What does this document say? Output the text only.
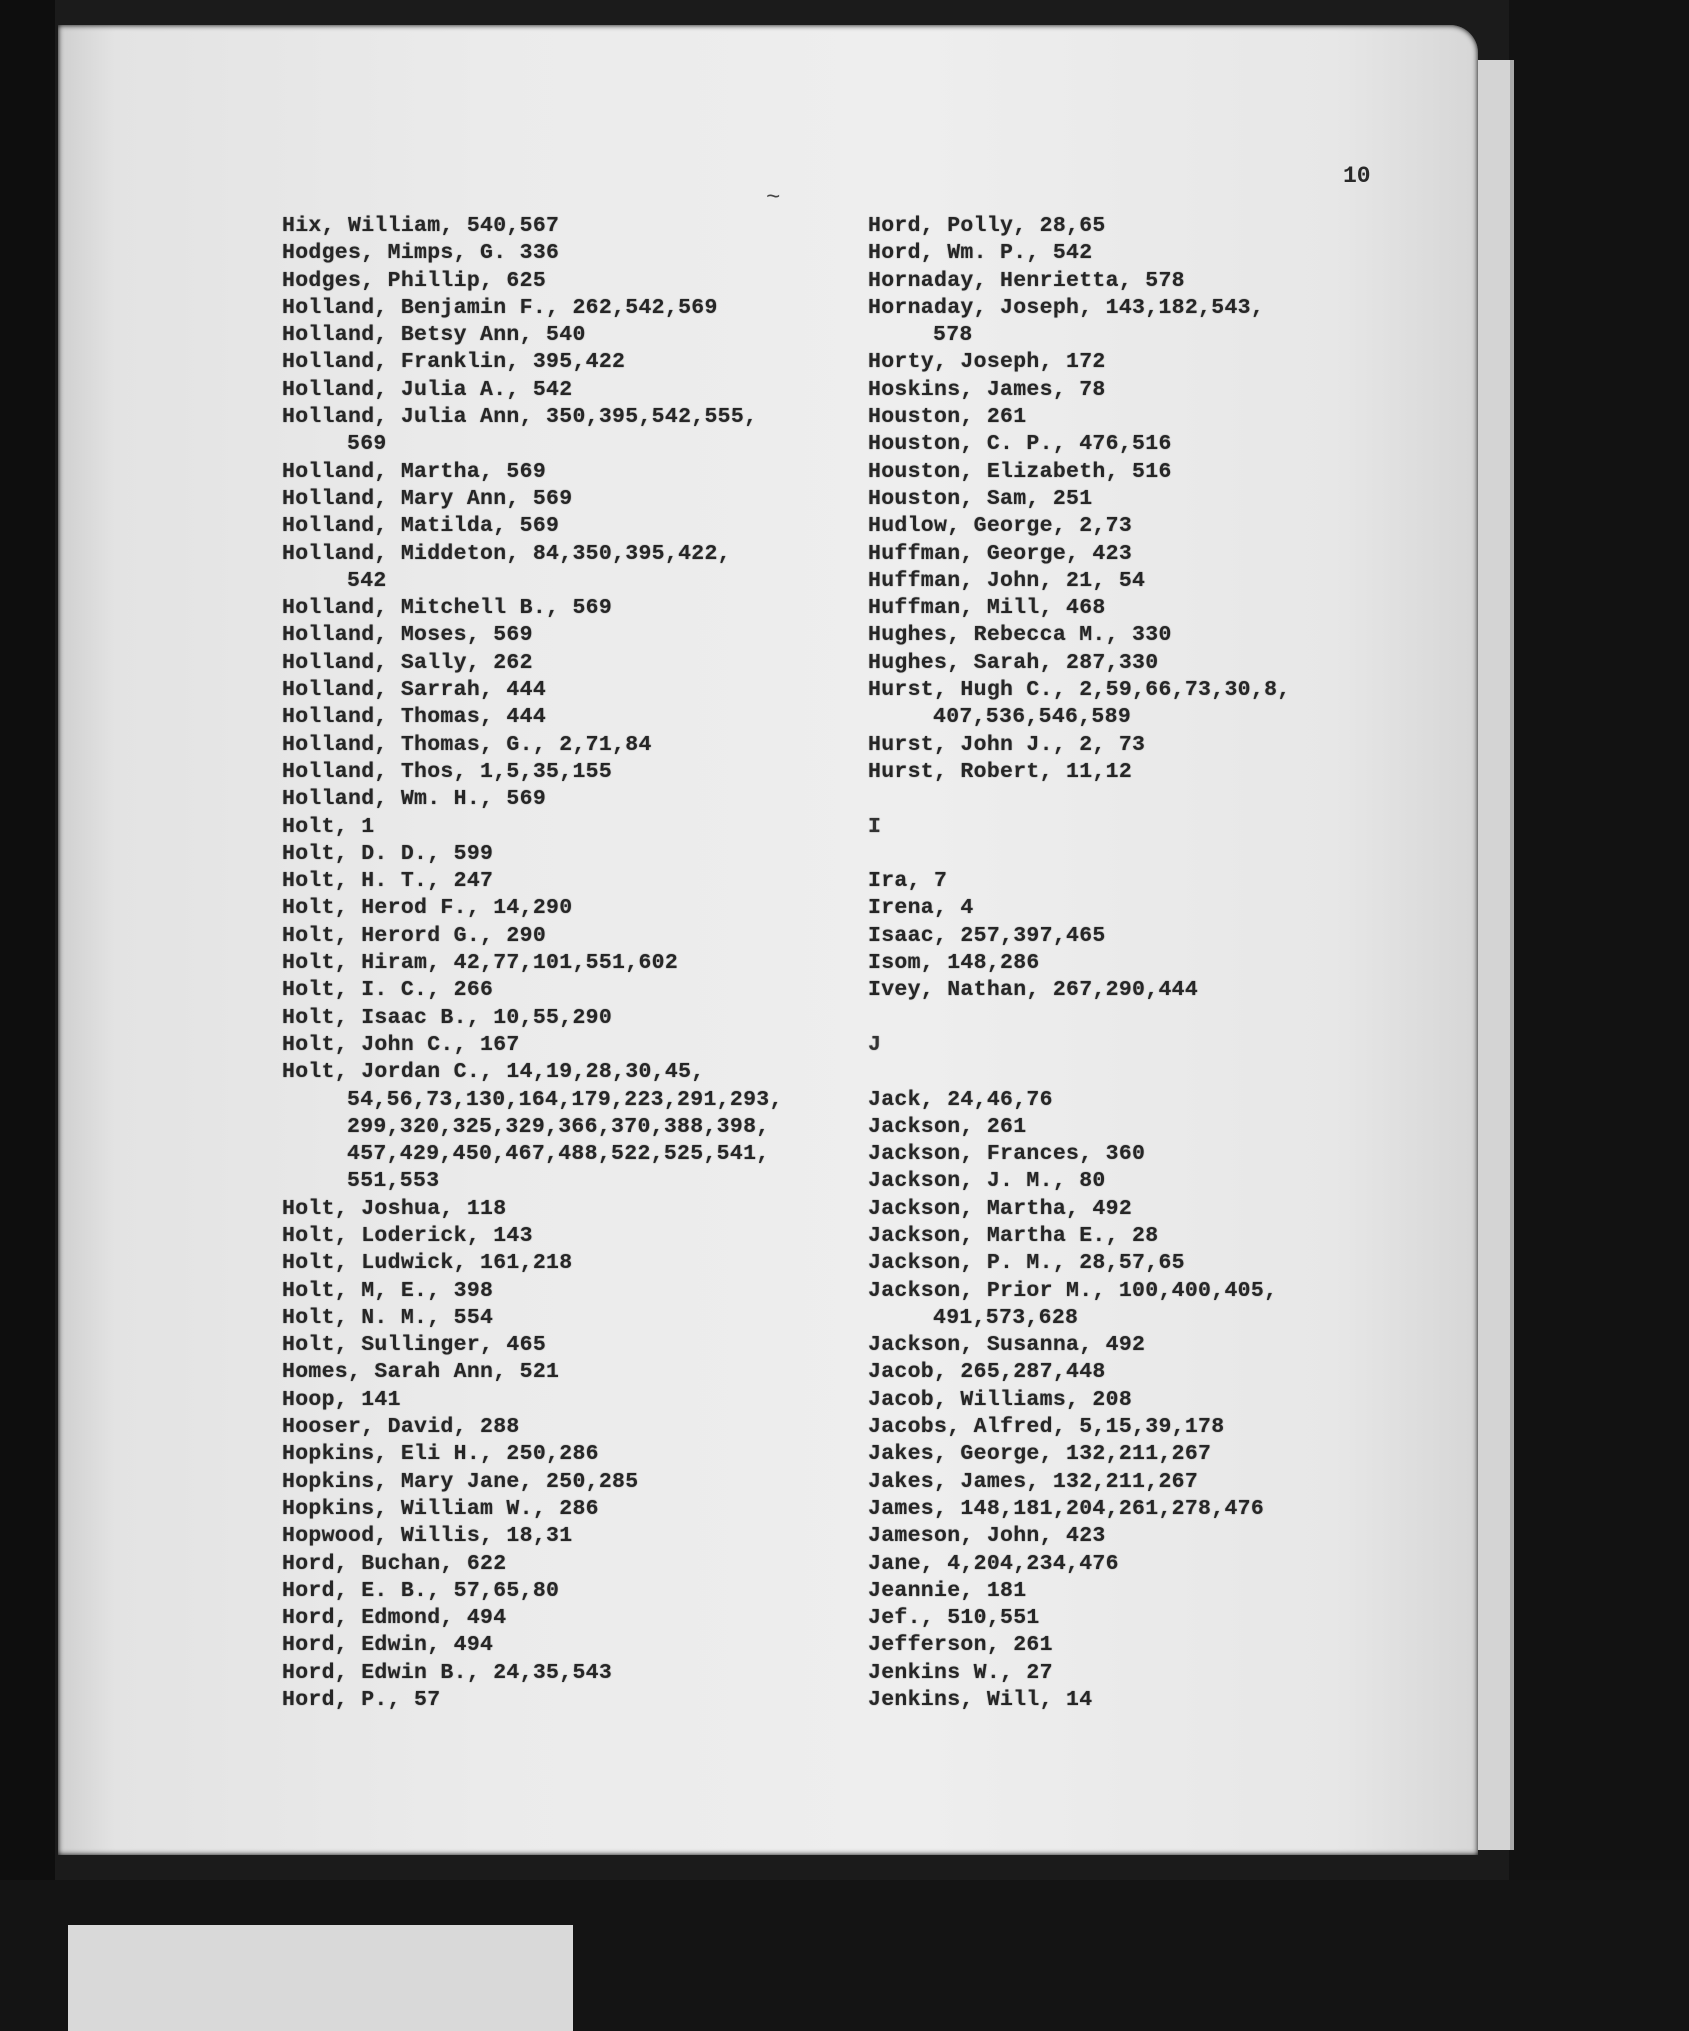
10
~
Hix, William, 540,567
Hodges, Mimps, G. 336
Hodges, Phillip, 625
Holland, Benjamin F., 262,542,569
Holland, Betsy Ann, 540
Holland, Franklin, 395,422
Holland, Julia A., 542
Holland, Julia Ann, 350,395,542,555,
569
Holland, Martha, 569
Holland, Mary Ann, 569
Holland, Matilda, 569
Holland, Middeton, 84,350,395,422,
542
Holland, Mitchell B., 569
Holland, Moses, 569
Holland, Sally, 262
Holland, Sarrah, 444
Holland, Thomas, 444
Holland, Thomas, G., 2,71,84
Holland, Thos, 1,5,35,155
Holland, Wm. H., 569
Holt, 1
Holt, D. D., 599
Holt, H. T., 247
Holt, Herod F., 14,290
Holt, Herord G., 290
Holt, Hiram, 42,77,101,551,602
Holt, I. C., 266
Holt, Isaac B., 10,55,290
Holt, John C., 167
Holt, Jordan C., 14,19,28,30,45,
54,56,73,130,164,179,223,291,293,
299,320,325,329,366,370,388,398,
457,429,450,467,488,522,525,541,
551,553
Holt, Joshua, 118
Holt, Loderick, 143
Holt, Ludwick, 161,218
Holt, M, E., 398
Holt, N. M., 554
Holt, Sullinger, 465
Homes, Sarah Ann, 521
Hoop, 141
Hooser, David, 288
Hopkins, Eli H., 250,286
Hopkins, Mary Jane, 250,285
Hopkins, William W., 286
Hopwood, Willis, 18,31
Hord, Buchan, 622
Hord, E. B., 57,65,80
Hord, Edmond, 494
Hord, Edwin, 494
Hord, Edwin B., 24,35,543
Hord, P., 57
Hord, Polly, 28,65
Hord, Wm. P., 542
Hornaday, Henrietta, 578
Hornaday, Joseph, 143,182,543,
578
Horty, Joseph, 172
Hoskins, James, 78
Houston, 261
Houston, C. P., 476,516
Houston, Elizabeth, 516
Houston, Sam, 251
Hudlow, George, 2,73
Huffman, George, 423
Huffman, John, 21, 54
Huffman, Mill, 468
Hughes, Rebecca M., 330
Hughes, Sarah, 287,330
Hurst, Hugh C., 2,59,66,73,30,8,
407,536,546,589
Hurst, John J., 2, 73
Hurst, Robert, 11,12
I
Ira, 7
Irena, 4
Isaac, 257,397,465
Isom, 148,286
Ivey, Nathan, 267,290,444
J
Jack, 24,46,76
Jackson, 261
Jackson, Frances, 360
Jackson, J. M., 80
Jackson, Martha, 492
Jackson, Martha E., 28
Jackson, P. M., 28,57,65
Jackson, Prior M., 100,400,405,
491,573,628
Jackson, Susanna, 492
Jacob, 265,287,448
Jacob, Williams, 208
Jacobs, Alfred, 5,15,39,178
Jakes, George, 132,211,267
Jakes, James, 132,211,267
James, 148,181,204,261,278,476
Jameson, John, 423
Jane, 4,204,234,476
Jeannie, 181
Jef., 510,551
Jefferson, 261
Jenkins W., 27
Jenkins, Will, 14
